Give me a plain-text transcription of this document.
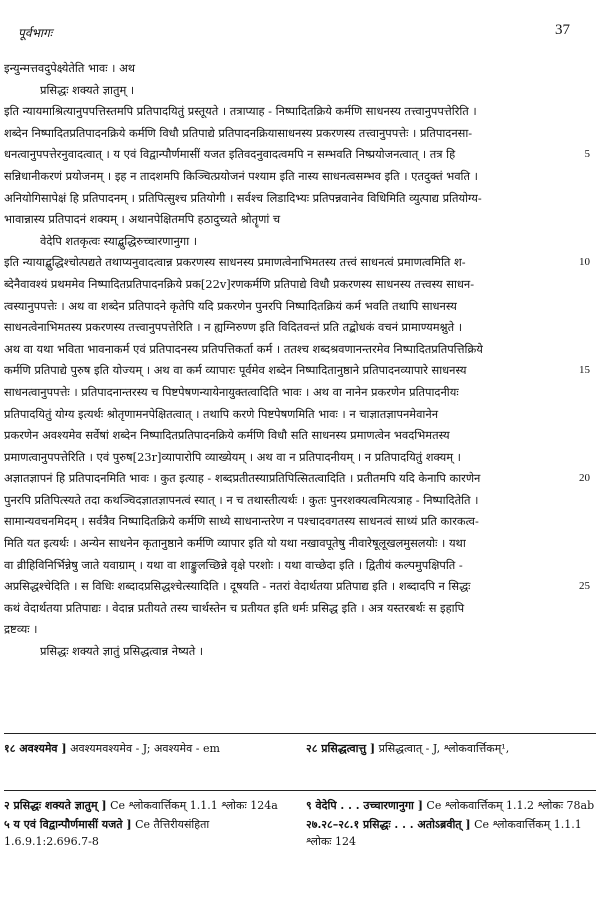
पूर्वभागः	37
इन्युन्मत्तवदुपेक्ष्येतेति भावः । अथ
प्रसिद्धः शक्यते ज्ञातुम् ।
इति न्यायमाश्रित्यानुपपत्तिस्तमपि प्रतिपादयितुं प्रस्तूयते । तत्राप्याह - निष्पादितक्रिये कर्मणि साधनस्य तत्त्वानुपपत्तेरिति ।
शब्देन निष्पादितप्रतिपादनक्रिये कर्मणि विधौ प्रतिपाद्ये प्रतिपादनक्रियासाधनस्य प्रकरणस्य तत्त्वानुपपत्तेः । प्रतिपादनसा-
धनत्वानुपपत्तेरनुवादत्वात् । य एवं विद्वान्पौर्णमासीं यजत इतिवदनुवादत्वमपि न सम्भवति निष्प्रयोजनत्वात् । तत्र हि	5
सन्निधानीकरणं प्रयोजनम् । इह न तादशमपि किञ्चित्प्रयोजनं पश्याम इति नास्य साधनत्वसम्भव इति । एतदुक्तं भवति ।
अनियोगिसापेक्षं हि प्रतिपादनम् । प्रतिपित्सुश्च प्रतियोगी । सर्वश्च लिडादिभ्यः प्रतिपन्नवानेव विधिमिति व्युत्पाद्य प्रतियोग्य-
भावान्नास्य प्रतिपादनं शक्यम् । अथानपेक्षितमपि हठादुच्यते श्रोतॄणां च
वेदेपि शतकृत्वः स्याद्बुद्धिरुच्चारणानुगा ।
इति न्यायाद्बुद्धिश्चोत्पद्यते तथाप्यनुवादत्वान्न प्रकरणस्य साधनस्य प्रमाणत्वेनाभिमतस्य तत्त्वं साधनत्वं प्रमाणत्वमिति श-	10
ब्देनैवावश्यं प्रथममेव निष्पादितप्रतिपादनक्रिये प्रक[22v]रणकर्मणि प्रतिपाद्ये विधौ प्रकरणस्य साधनस्य तत्त्वस्य साधन-
त्वस्यानुपपत्तेः । अथ वा शब्देन प्रतिपादने कृतेपि यदि प्रकरणेन पुनरपि निष्पादितक्रियं कर्म भवति तथापि साधनस्य
साधनत्वेनाभिमतस्य प्रकरणस्य तत्त्वानुपपत्तेरिति । न ह्यग्निरुण्ण इति विदितवन्तं प्रति तद्बोधकं वचनं प्रामाण्यमश्नुते ।
अथ वा यथा भविता भावनाकर्म एवं प्रतिपादनस्य प्रतिपत्तिकर्ता कर्म । ततश्च शब्दश्रवणानन्तरमेव निष्पादितप्रतिपत्तिक्रिये
कर्मणि प्रतिपाद्ये पुरुष इति योज्यम् । अथ वा कर्म व्यापारः पूर्वमेव शब्देन निष्पादितानुष्ठाने प्रतिपादनव्यापारे साधनस्य	15
साधनत्वानुपपत्तेः । प्रतिपादनान्तरस्य च पिष्टपेषणन्यायेनायुक्तत्वादिति भावः । अथ वा नानेन प्रकरणेन प्रतिपादनीयः
प्रतिपादयितुं योग्य इत्यर्थः श्रोतृणामनपेक्षितत्वात् । तथापि करणे पिष्टपेषणमिति भावः । न चाज्ञातज्ञापनमेवानेन
प्रकरणेन अवश्यमेव सर्वेषां शब्देन निष्पादितप्रतिपादनक्रिये कर्मणि विधौ सति साधनस्य प्रमाणत्वेन भवदभिमतस्य
प्रमाणत्वानुपपत्तेरिति । एवं पुरुष[23r]व्यापारोपि व्याख्येयम् । अथ वा न प्रतिपादनीयम् । न प्रतिपादयितुं शक्यम् ।
अज्ञातज्ञापनं हि प्रतिपादनमिति भावः । कुत इत्याह - शब्दप्रतीतस्याप्रतिपित्सितत्वादिति । प्रतीतमपि यदि केनापि कारणेन	20
पुनरपि प्रतिपित्स्यते तदा कथञ्चिदज्ञातज्ञापनत्वं स्यात् । न च तथास्तीत्यर्थः । कुतः पुनरशक्यत्वमित्यत्राह - निष्पादितेति ।
सामान्यवचनमिदम् । सर्वत्रैव निष्पादितक्रिये कर्मणि साध्ये साधनान्तरेण न पश्चादवगतस्य साधनत्वं साध्यं प्रति कारकत्व-
मिति यत इत्यर्थः । अन्येन साधनेन कृतानुष्ठाने कर्मणि व्यापार इति यो यथा नखावपूतेषु नीवारेषूलूखलमुसलयोः । यथा
वा व्रीहिविनिर्भिन्नेषु जाते यवाग्राम् । यथा वा शाङ्कुलच्छिन्ने वृक्षे परशोः । यथा वाच्छेदा इति । द्वितीयं कल्पमुपक्षिपति -
अप्रसिद्धश्चेदिति । स विधिः शब्दादप्रसिद्धश्चेत्स्यादिति । दूषयति - नतरां वेदार्थतया प्रतिपाद्य इति । शब्दादपि न सिद्धः	25
कथं वेदार्थतया प्रतिपाद्यः । वेदान्न प्रतीयते तस्य चार्थस्तेन च प्रतीयत इति धर्मः प्रसिद्ध इति । अत्र यस्तरबर्थः स इहापि
द्रष्टव्यः ।
प्रसिद्धः शक्यते ज्ञातुं प्रसिद्धत्वान्न नेष्यते ।
१८ अवश्यमेव ] अवश्यमवश्यमेव - J; अवश्यमेव - em	२८ प्रसिद्धत्वात्तु ] प्रसिद्धत्वात् - J, श्लोकवार्त्तिकम्¹,
२ प्रसिद्धः शक्यते ज्ञातुम् ] Ce श्लोकवार्त्तिकम् 1.1.1 श्लोकः 124a
५ य एवं विद्वान्पौर्णमासीं यजते ] Ce तैत्तिरीयसंहिता 1.6.9.1:2.696.7-8
९ वेदेपि . . . उच्चारणानुगा ] Ce श्लोकवार्त्तिकम् 1.1.2 श्लोकः 78ab
२७.२८–२८.१ प्रसिद्धः . . . अतोऽब्रवीत् ] Ce श्लोकवार्त्तिकम् 1.1.1 श्लोकः 124
